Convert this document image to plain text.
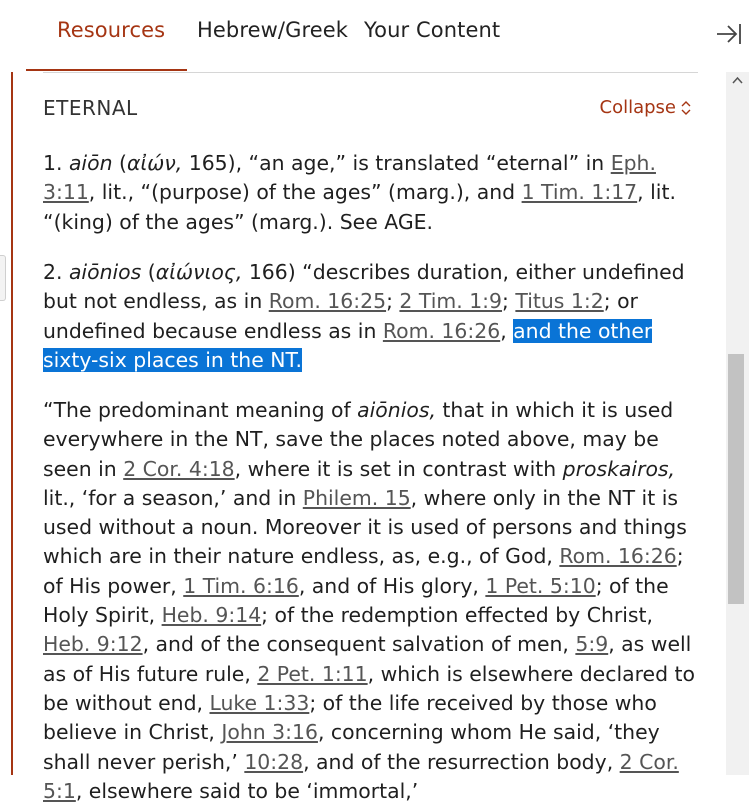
Resources Hebrew/Greek Your Content
ETERNAL	Collapse
1. aiōn (αἰών, 165), “an age,” is translated “eternal” in Eph. 3:11, lit., “(purpose) of the ages” (marg.), and 1 Tim. 1:17, lit. “(king) of the ages” (marg.). See AGE.
2. aiōnios (αἰώνιος, 166) “describes duration, either undefined but not endless, as in Rom. 16:25; 2 Tim. 1:9; Titus 1:2; or undefined because endless as in Rom. 16:26, and the other sixty-six places in the NT.
“The predominant meaning of aiōnios, that in which it is used everywhere in the NT, save the places noted above, may be seen in 2 Cor. 4:18, where it is set in contrast with proskairos, lit., ‘for a season,’ and in Philem. 15, where only in the NT it is used without a noun. Moreover it is used of persons and things which are in their nature endless, as, e.g., of God, Rom. 16:26; of His power, 1 Tim. 6:16, and of His glory, 1 Pet. 5:10; of the Holy Spirit, Heb. 9:14; of the redemption effected by Christ, Heb. 9:12, and of the consequent salvation of men, 5:9, as well as of His future rule, 2 Pet. 1:11, which is elsewhere declared to be without end, Luke 1:33; of the life received by those who believe in Christ, John 3:16, concerning whom He said, ‘they shall never perish,’ 10:28, and of the resurrection body, 2 Cor. 5:1, elsewhere said to be ‘immortal,’
